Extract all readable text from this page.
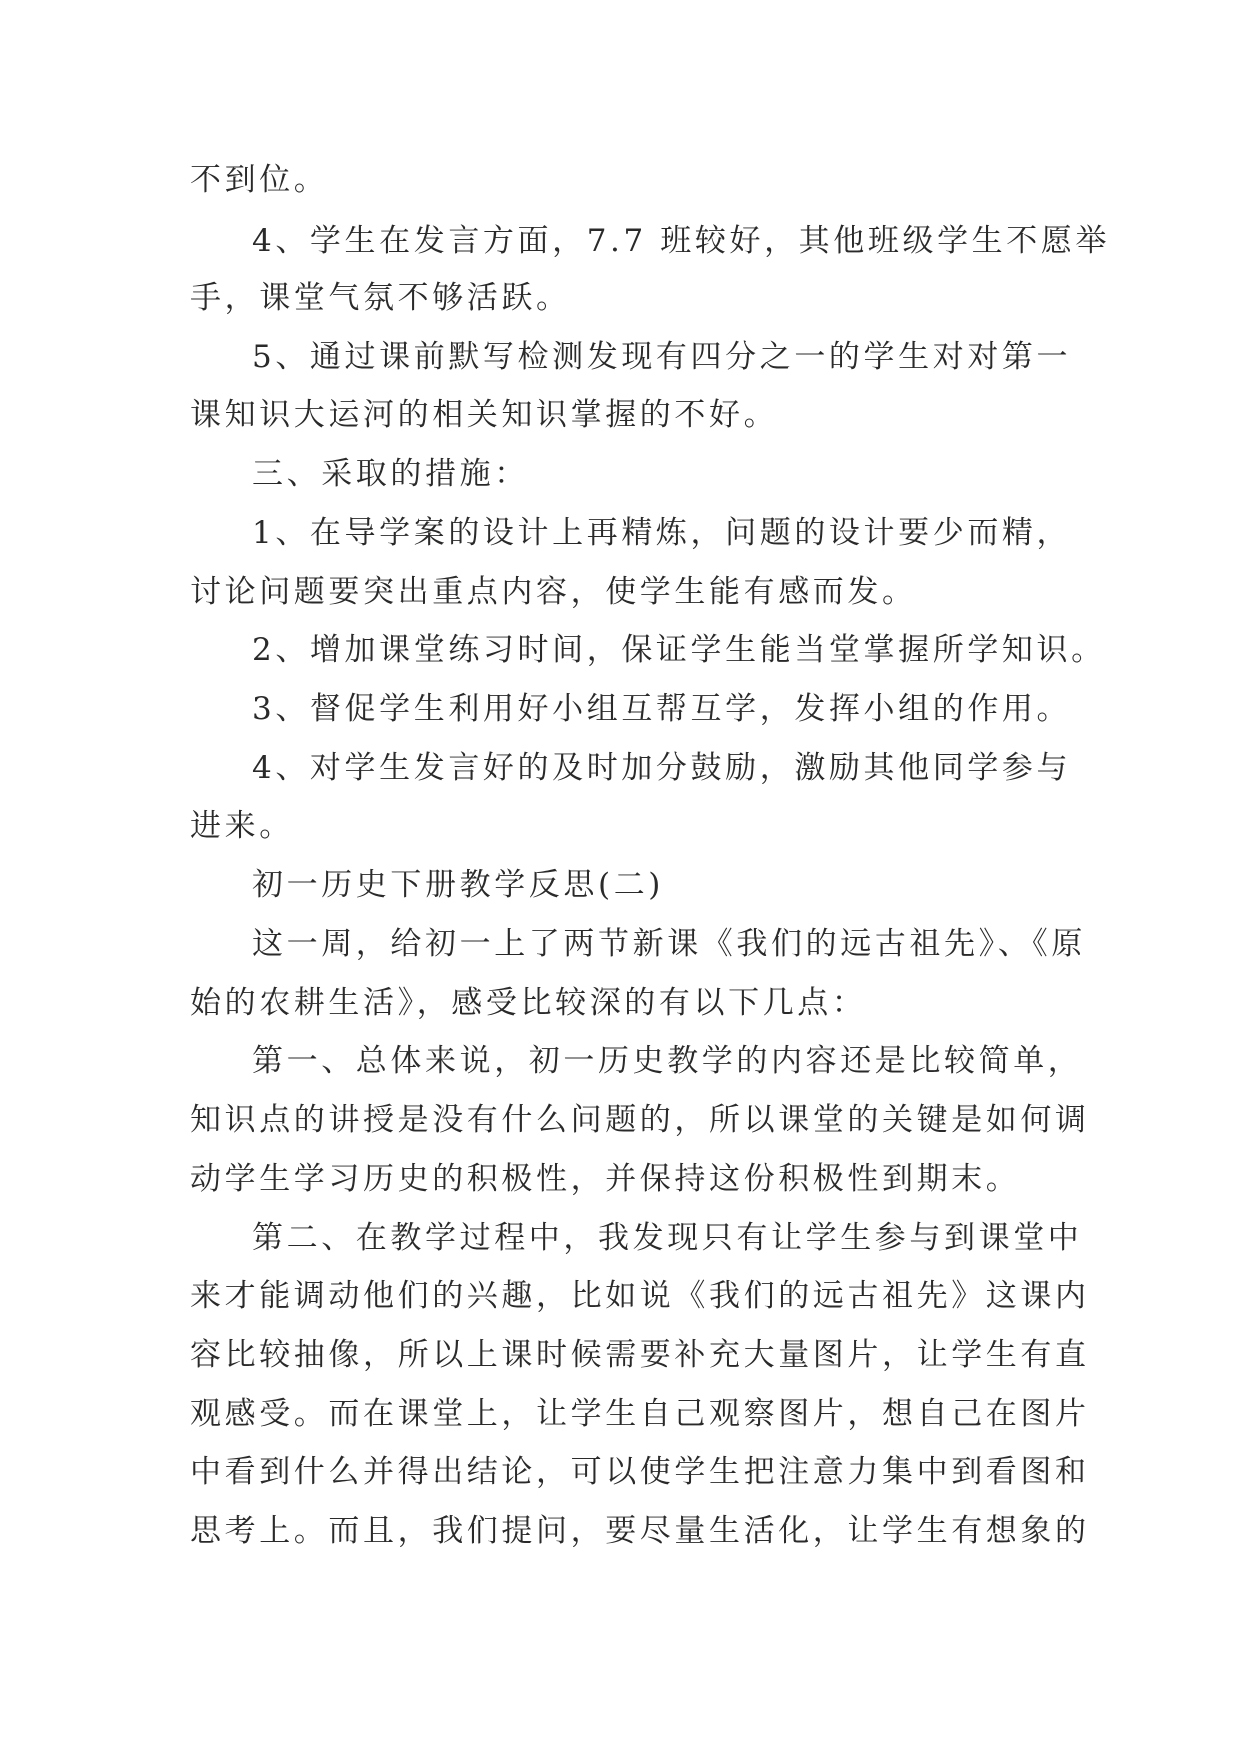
不到位。
4、学生在发言方面，7.7 班较好，其他班级学生不愿举
手，课堂气氛不够活跃。
5、通过课前默写检测发现有四分之一的学生对对第一
课知识大运河的相关知识掌握的不好。
三、采取的措施：
1、在导学案的设计上再精炼，问题的设计要少而精，
讨论问题要突出重点内容，使学生能有感而发。
2、增加课堂练习时间，保证学生能当堂掌握所学知识。
3、督促学生利用好小组互帮互学，发挥小组的作用。
4、对学生发言好的及时加分鼓励，激励其他同学参与
进来。
初一历史下册教学反思(二)
这一周，给初一上了两节新课《我们的远古祖先》、《原
始的农耕生活》，感受比较深的有以下几点：
第一、总体来说，初一历史教学的内容还是比较简单，
知识点的讲授是没有什么问题的，所以课堂的关键是如何调
动学生学习历史的积极性，并保持这份积极性到期末。
第二、在教学过程中，我发现只有让学生参与到课堂中
来才能调动他们的兴趣，比如说《我们的远古祖先》这课内
容比较抽像，所以上课时候需要补充大量图片，让学生有直
观感受。而在课堂上，让学生自己观察图片，想自己在图片
中看到什么并得出结论，可以使学生把注意力集中到看图和
思考上。而且，我们提问，要尽量生活化，让学生有想象的
